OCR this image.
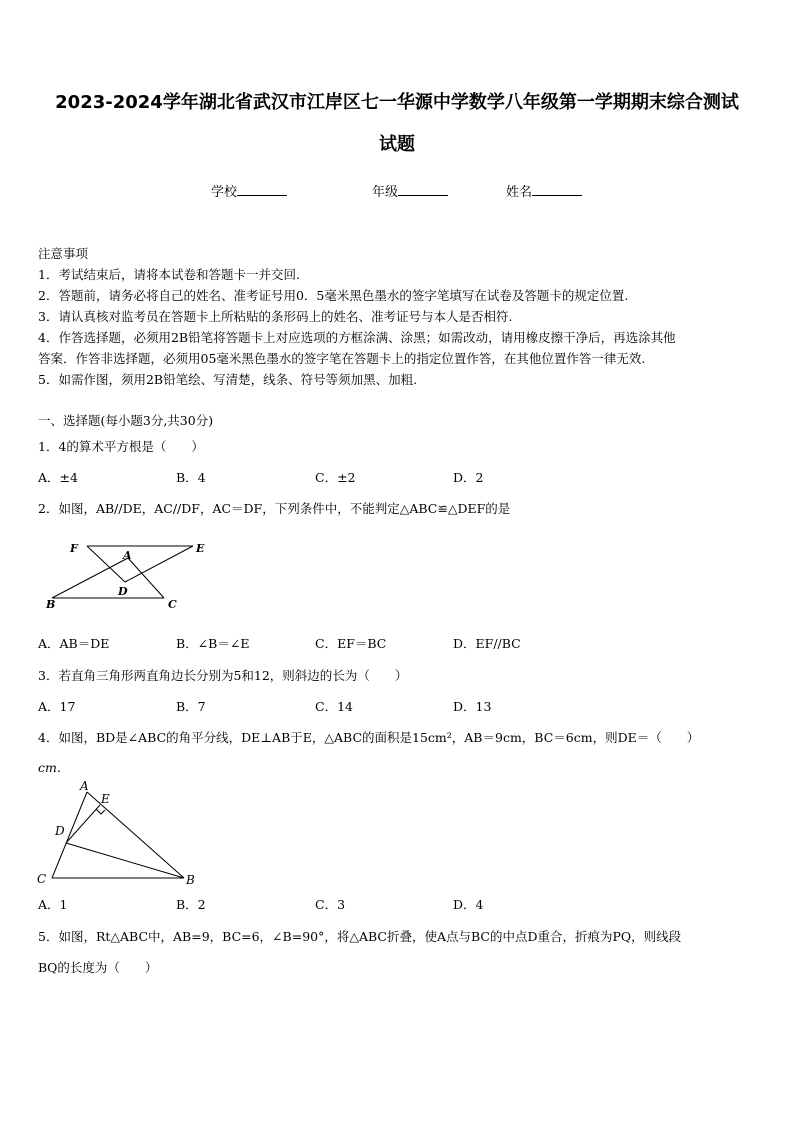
2023-2024学年湖北省武汉市江岸区七一华源中学数学八年级第一学期期末综合测试
试题
学校	年级	姓名
注意事项
1．考试结束后，请将本试卷和答题卡一并交回.
2．答题前，请务必将自己的姓名、准考证号用0．5毫米黑色墨水的签字笔填写在试卷及答题卡的规定位置.
3．请认真核对监考员在答题卡上所粘贴的条形码上的姓名、准考证号与本人是否相符.
4．作答选择题，必须用2B铅笔将答题卡上对应选项的方框涂满、涂黑；如需改动，请用橡皮擦干净后，再选涂其他
答案．作答非选择题，必须用05毫米黑色墨水的签字笔在答题卡上的指定位置作答，在其他位置作答一律无效.
5．如需作图，须用2B铅笔绘、写清楚，线条、符号等须加黑、加粗.
一、选择题(每小题3分,共30分)
1．4的算术平方根是（　　）
A．±4	B．4	C．±2	D．2
2．如图，AB//DE，AC//DF，AC＝DF，下列条件中，不能判定△ABC≌△DEF的是
F
A
E
D
B	C
A．AB＝DE	B．∠B＝∠E	C．EF＝BC	D．EF//BC
3．若直角三角形两直角边长分别为5和12，则斜边的长为（　　）
A．17	B．7	C．14	D．13
4．如图，BD是∠ABC的角平分线，DE⊥AB于E，△ABC的面积是15cm²，AB＝9cm，BC＝6cm，则DE＝（　　）
cm.
A
E
D
C	B
A．1	B．2	C．3	D．4
5．如图，Rt△ABC中，AB=9，BC=6，∠B=90°，将△ABC折叠，使A点与BC的中点D重合，折痕为PQ，则线段
BQ的长度为（　　）
